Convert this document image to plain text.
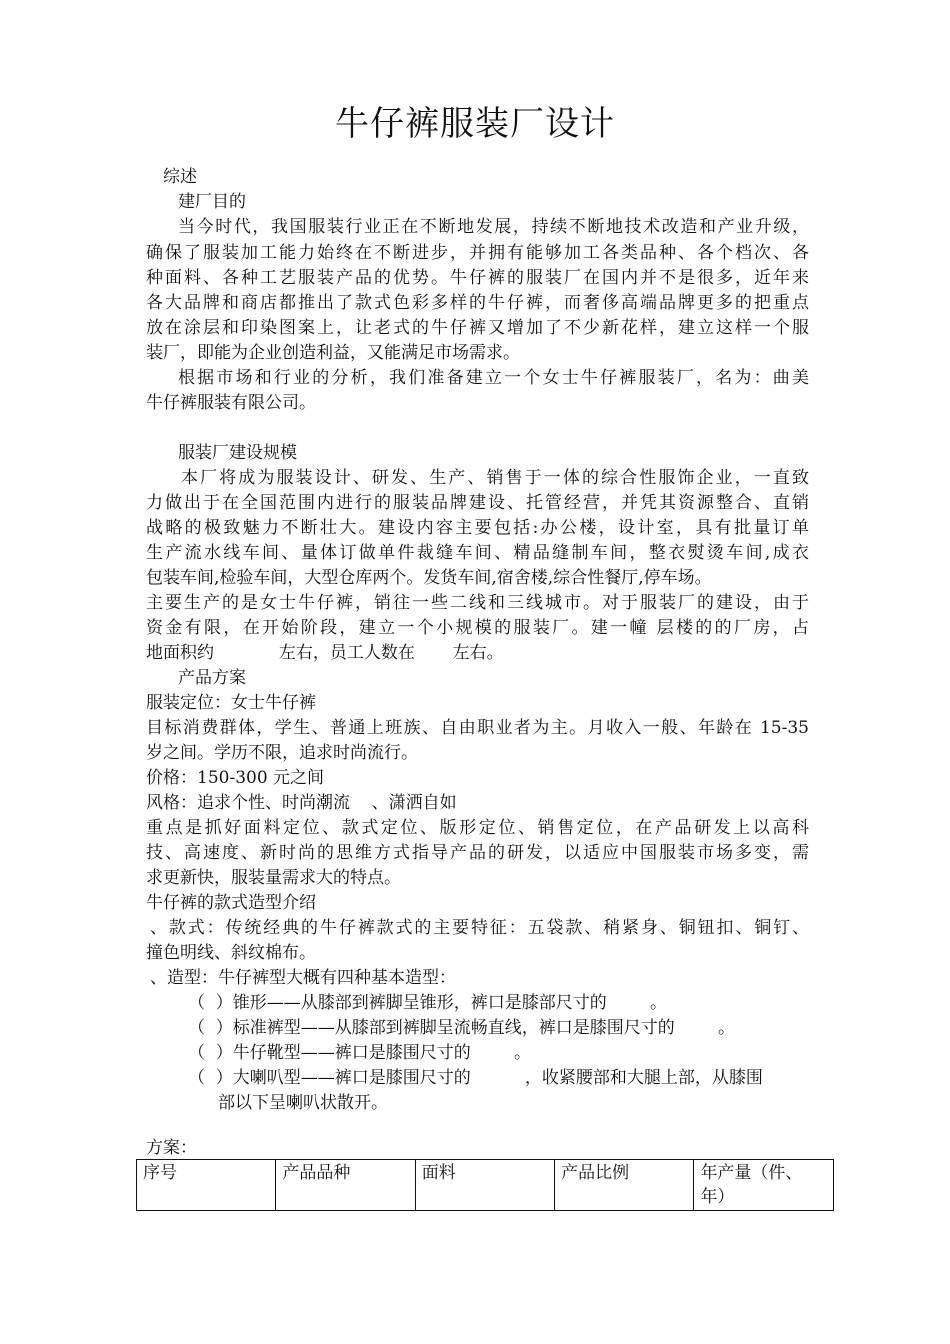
牛仔裤服装厂设计
综述
建厂目的
当今时代，我国服装行业正在不断地发展，持续不断地技术改造和产业升级，
确保了服装加工能力始终在不断进步，并拥有能够加工各类品种、各个档次、各
种面料、各种工艺服装产品的优势。牛仔裤的服装厂在国内并不是很多，近年来
各大品牌和商店都推出了款式色彩多样的牛仔裤，而奢侈高端品牌更多的把重点
放在涂层和印染图案上，让老式的牛仔裤又增加了不少新花样，建立这样一个服
装厂，即能为企业创造利益，又能满足市场需求。
根据市场和行业的分析，我们准备建立一个女士牛仔裤服装厂，名为：曲美
牛仔裤服装有限公司。
服装厂建设规模
本厂将成为服装设计、研发、生产、销售于一体的综合性服饰企业，一直致
力做出于在全国范围内进行的服装品牌建设、托管经营，并凭其资源整合、直销
战略的极致魅力不断壮大。建设内容主要包括:办公楼，设计室，具有批量订单
生产流水线车间、量体订做单件裁缝车间、精品缝制车间，整衣熨烫车间,成衣
包装车间,检验车间，大型仓库两个。发货车间,宿舍楼,综合性餐厅,停车场。
主要生产的是女士牛仔裤，销往一些二线和三线城市。对于服装厂的建设，由于
资金有限，在开始阶段，建立一个小规模的服装厂。建一幢 层楼的的厂房，占
地面积约            左右，员工人数在       左右。
产品方案
服装定位：女士牛仔裤
目标消费群体，学生、普通上班族、自由职业者为主。月收入一般、年龄在 15-35
岁之间。学历不限，追求时尚流行。
价格：150-300 元之间
风格：追求个性、时尚潮流    、潇洒自如
重点是抓好面料定位、款式定位、版形定位、销售定位，在产品研发上以高科
技、高速度、新时尚的思维方式指导产品的研发，以适应中国服装市场多变，需
求更新快，服装量需求大的特点。
牛仔裤的款式造型介绍
、款式：传统经典的牛仔裤款式的主要特征：五袋款、稍紧身、铜钮扣、铜钉、
撞色明线、斜纹棉布。
、造型：牛仔裤型大概有四种基本造型：
（  ）锥形——从膝部到裤脚呈锥形，裤口是膝部尺寸的        。
（  ）标准裤型——从膝部到裤脚呈流畅直线，裤口是膝围尺寸的        。
（  ）牛仔靴型——裤口是膝围尺寸的        。
（  ）大喇叭型——裤口是膝围尺寸的          ，收紧腰部和大腿上部，从膝围
部以下呈喇叭状散开。
方案：
序号	产品品种	面料	产品比例	年产量（件、年）
